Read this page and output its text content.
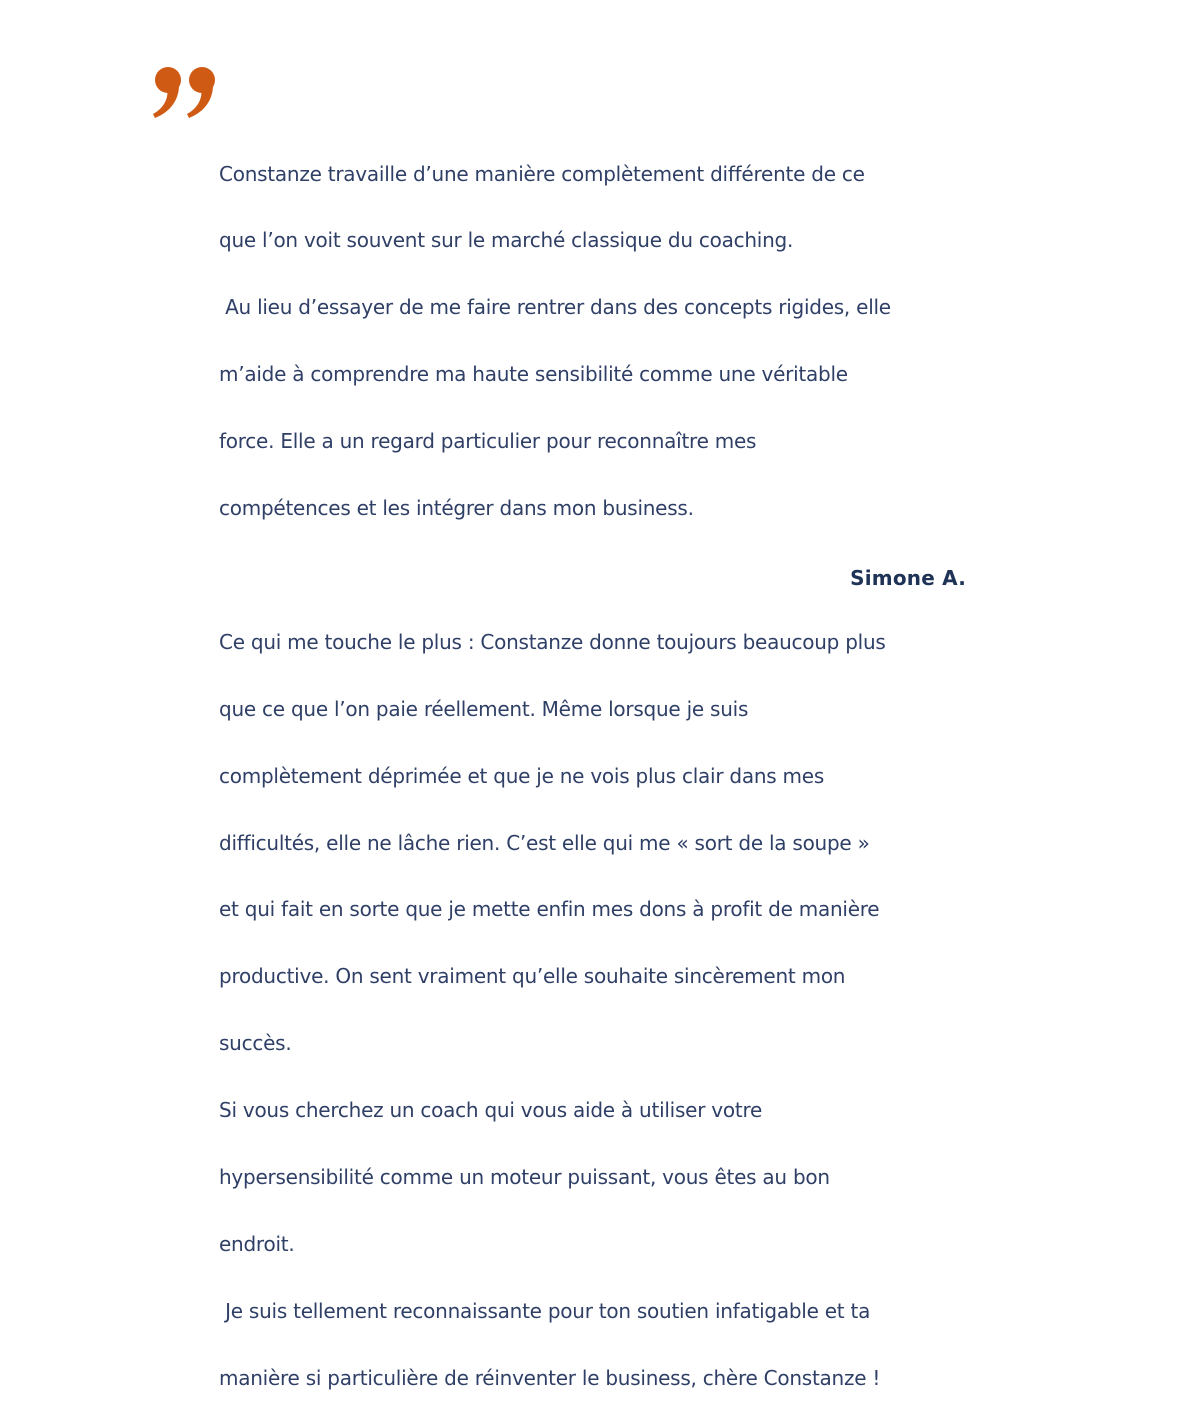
Constanze travaille d’une manière complètement différente de ce

que l’on voit souvent sur le marché classique du coaching.

Au lieu d’essayer de me faire rentrer dans des concepts rigides, elle

m’aide à comprendre ma haute sensibilité comme une véritable

force. Elle a un regard particulier pour reconnaître mes

compétences et les intégrer dans mon business.

Ce qui me touche le plus : Constanze donne toujours beaucoup plus

que ce que l’on paie réellement. Même lorsque je suis

complètement déprimée et que je ne vois plus clair dans mes

difficultés, elle ne lâche rien. C’est elle qui me « sort de la soupe »

et qui fait en sorte que je mette enfin mes dons à profit de manière

productive. On sent vraiment qu’elle souhaite sincèrement mon

succès.

Si vous cherchez un coach qui vous aide à utiliser votre

hypersensibilité comme un moteur puissant, vous êtes au bon

endroit.

Je suis tellement reconnaissante pour ton soutien infatigable et ta

manière si particulière de réinventer le business, chère Constanze !

Simone A.
